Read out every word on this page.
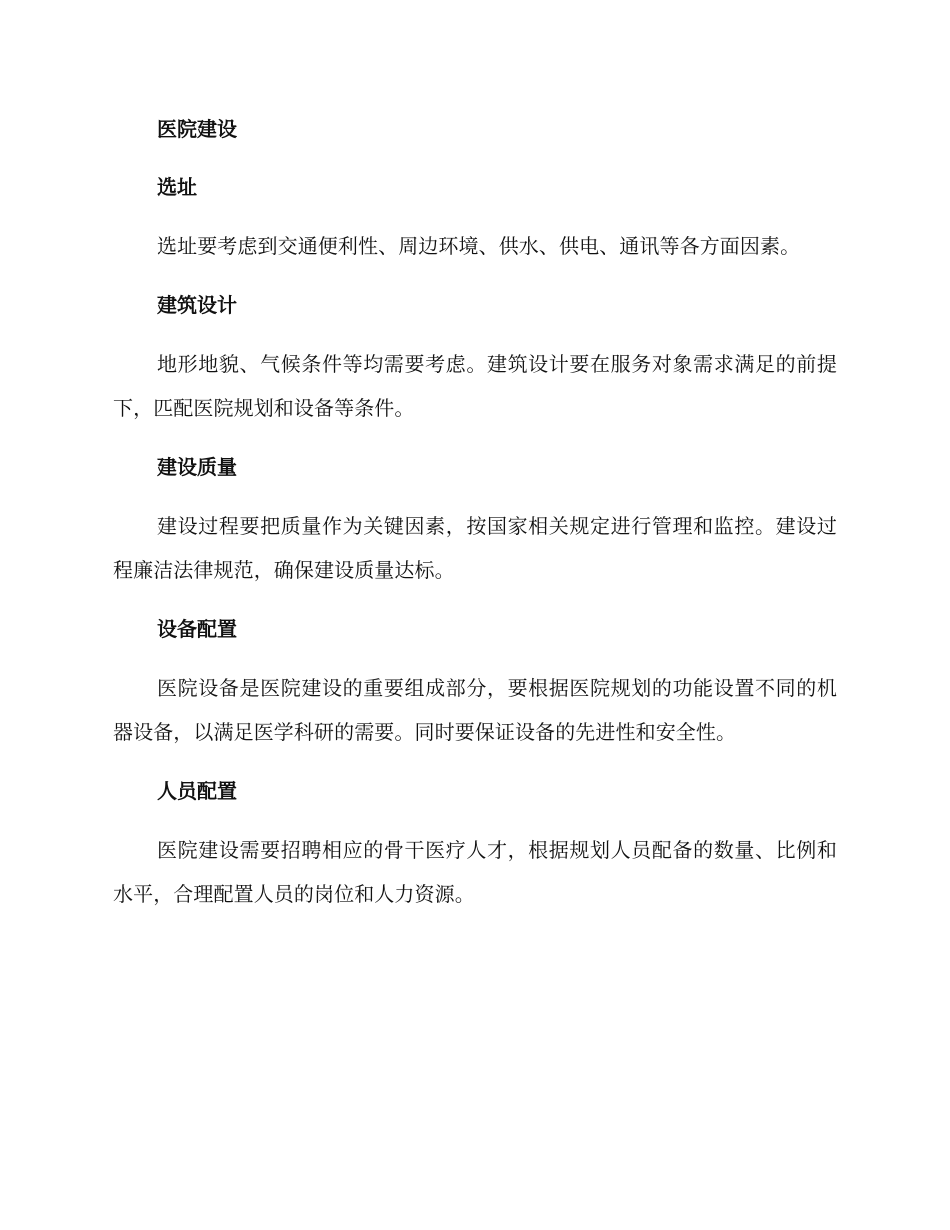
医院建设
选址
选址要考虑到交通便利性、周边环境、供水、供电、通讯等各方面因素。
建筑设计
地形地貌、气候条件等均需要考虑。建筑设计要在服务对象需求满足的前提下，匹配医院规划和设备等条件。
建设质量
建设过程要把质量作为关键因素，按国家相关规定进行管理和监控。建设过程廉洁法律规范，确保建设质量达标。
设备配置
医院设备是医院建设的重要组成部分，要根据医院规划的功能设置不同的机器设备，以满足医学科研的需要。同时要保证设备的先进性和安全性。
人员配置
医院建设需要招聘相应的骨干医疗人才，根据规划人员配备的数量、比例和水平，合理配置人员的岗位和人力资源。
